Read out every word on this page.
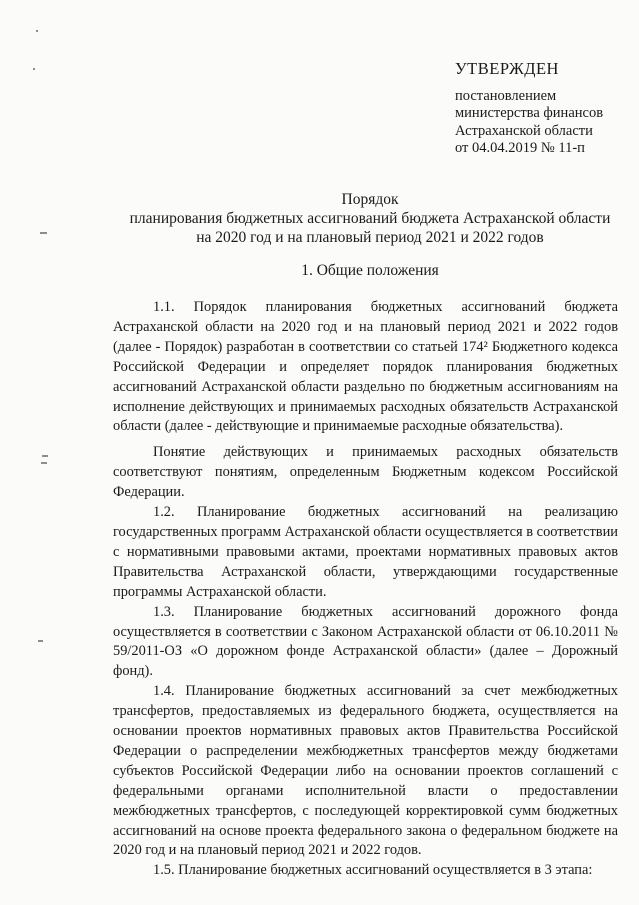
УТВЕРЖДЕН
постановлением
министерства финансов
Астраханской области
от 04.04.2019 № 11-п
Порядок
планирования бюджетных ассигнований бюджета Астраханской области
на 2020 год и на плановый период 2021 и 2022 годов
1. Общие положения

1.1. Порядок планирования бюджетных ассигнований бюджета Астраханской области на 2020 год и на плановый период 2021 и 2022 годов (далее - Порядок) разработан в соответствии со статьей 174² Бюджетного кодекса Российской Федерации и определяет порядок планирования бюджетных ассигнований Астраханской области раздельно по бюджетным ассигнованиям на исполнение действующих и принимаемых расходных обязательств Астраханской области (далее - действующие и принимаемые расходные обязательства).

Понятие действующих и принимаемых расходных обязательств соответствуют понятиям, определенным Бюджетным кодексом Российской Федерации.

1.2. Планирование бюджетных ассигнований на реализацию государственных программ Астраханской области осуществляется в соответствии с нормативными правовыми актами, проектами нормативных правовых актов Правительства Астраханской области, утверждающими государственные программы Астраханской области.

1.3. Планирование бюджетных ассигнований дорожного фонда осуществляется в соответствии с Законом Астраханской области от 06.10.2011 № 59/2011-ОЗ «О дорожном фонде Астраханской области» (далее – Дорожный фонд).

1.4. Планирование бюджетных ассигнований за счет межбюджетных трансфертов, предоставляемых из федерального бюджета, осуществляется на основании проектов нормативных правовых актов Правительства Российской Федерации о распределении межбюджетных трансфертов между бюджетами субъектов Российской Федерации либо на основании проектов соглашений с федеральными органами исполнительной власти о предоставлении межбюджетных трансфертов, с последующей корректировкой сумм бюджетных ассигнований на основе проекта федерального закона о федеральном бюджете на 2020 год и на плановый период 2021 и 2022 годов.

1.5. Планирование бюджетных ассигнований осуществляется в 3 этапа:
